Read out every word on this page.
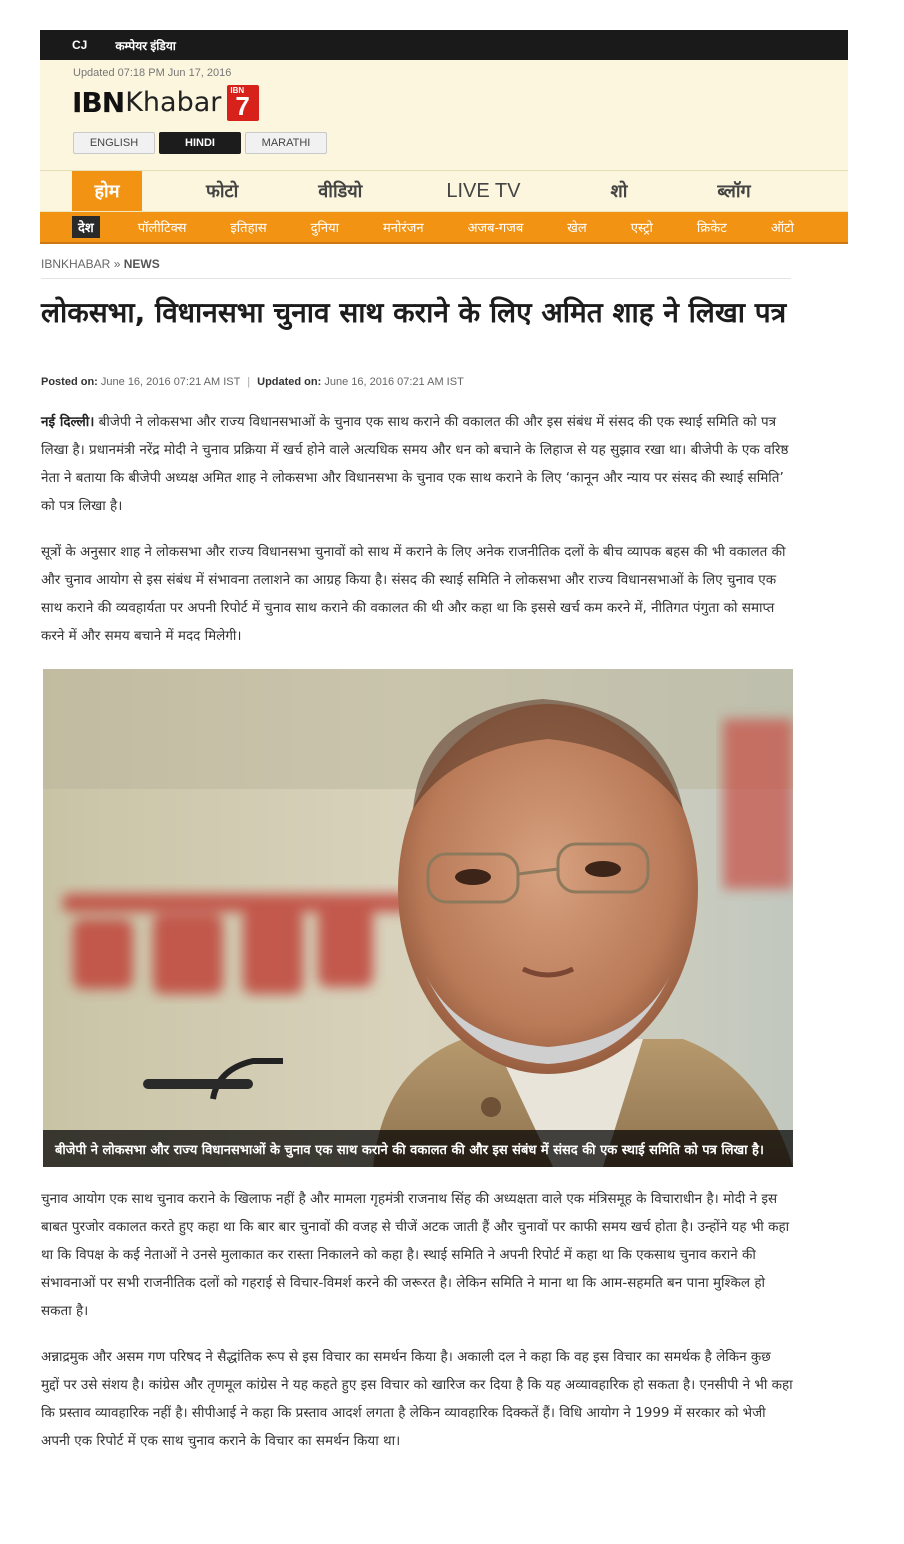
CJ कम्पेयर इंडिया
Updated 07:18 PM Jun 17, 2016
IBN Khabar IBN
7
ENGLISH	HINDI	MARATHI
होम	फोटो	वीडियो	LIVE TV	शो	ब्लॉग
देश	पॉलीटिक्स	इतिहास	दुनिया	मनोरंजन	अजब-गजब	खेल	एस्ट्रो	क्रिकेट	ऑटो
IBNKHABAR » NEWS
लोकसभा, विधानसभा चुनाव साथ कराने के लिए अमित शाह ने लिखा पत्र
Posted on: June 16, 2016 07:21 AM IST | Updated on: June 16, 2016 07:21 AM IST

नई दिल्ली। बीजेपी ने लोकसभा और राज्य विधानसभाओं के चुनाव एक साथ कराने की वकालत की और इस संबंध में संसद की एक स्थाई समिति को पत्र लिखा है। प्रधानमंत्री नरेंद्र मोदी ने चुनाव प्रक्रिया में खर्च होने वाले अत्यधिक समय और धन को बचाने के लिहाज से यह सुझाव रखा था। बीजेपी के एक वरिष्ठ नेता ने बताया कि बीजेपी अध्यक्ष अमित शाह ने लोकसभा और विधानसभा के चुनाव एक साथ कराने के लिए ‘कानून और न्याय पर संसद की स्थाई समिति’ को पत्र लिखा है।

सूत्रों के अनुसार शाह ने लोकसभा और राज्य विधानसभा चुनावों को साथ में कराने के लिए अनेक राजनीतिक दलों के बीच व्यापक बहस की भी वकालत की और चुनाव आयोग से इस संबंध में संभावना तलाशने का आग्रह किया है। संसद की स्थाई समिति ने लोकसभा और राज्य विधानसभाओं के लिए चुनाव एक साथ कराने की व्यवहार्यता पर अपनी रिपोर्ट में चुनाव साथ कराने की वकालत की थी और कहा था कि इससे खर्च कम करने में, नीतिगत पंगुता को समाप्त करने में और समय बचाने में मदद मिलेगी।

बीजेपी ने लोकसभा और राज्य विधानसभाओं के चुनाव एक साथ कराने की वकालत की और इस संबंध में संसद की एक स्थाई समिति को पत्र लिखा है।

चुनाव आयोग एक साथ चुनाव कराने के खिलाफ नहीं है और मामला गृहमंत्री राजनाथ सिंह की अध्यक्षता वाले एक मंत्रिसमूह के विचाराधीन है। मोदी ने इस बाबत पुरजोर वकालत करते हुए कहा था कि बार बार चुनावों की वजह से चीजें अटक जाती हैं और चुनावों पर काफी समय खर्च होता है। उन्होंने यह भी कहा था कि विपक्ष के कई नेताओं ने उनसे मुलाकात कर रास्ता निकालने को कहा है। स्थाई समिति ने अपनी रिपोर्ट में कहा था कि एकसाथ चुनाव कराने की संभावनाओं पर सभी राजनीतिक दलों को गहराई से विचार-विमर्श करने की जरूरत है। लेकिन समिति ने माना था कि आम-सहमति बन पाना मुश्किल हो सकता है।

अन्नाद्रमुक और असम गण परिषद ने सैद्धांतिक रूप से इस विचार का समर्थन किया है। अकाली दल ने कहा कि वह इस विचार का समर्थक है लेकिन कुछ मुद्दों पर उसे संशय है। कांग्रेस और तृणमूल कांग्रेस ने यह कहते हुए इस विचार को खारिज कर दिया है कि यह अव्यावहारिक हो सकता है। एनसीपी ने भी कहा कि प्रस्ताव व्यावहारिक नहीं है। सीपीआई ने कहा कि प्रस्ताव आदर्श लगता है लेकिन व्यावहारिक दिक्कतें हैं। विधि आयोग ने 1999 में सरकार को भेजी अपनी एक रिपोर्ट में एक साथ चुनाव कराने के विचार का समर्थन किया था।
